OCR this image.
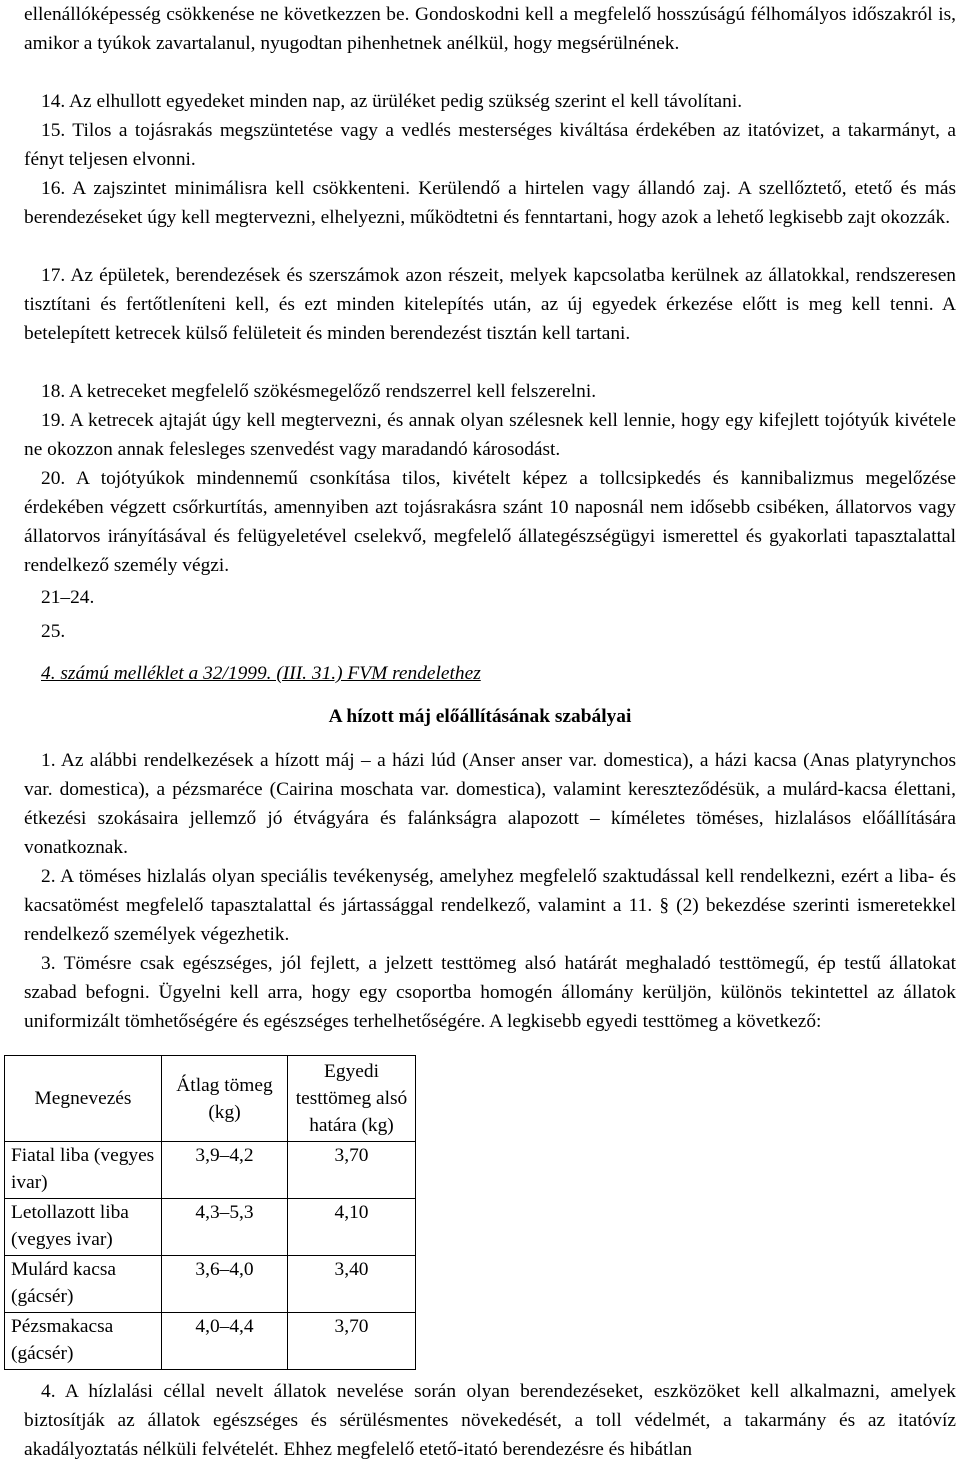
ellenállóképesség csökkenése ne következzen be. Gondoskodni kell a megfelelő hosszúságú félhomályos időszakról is, amikor a tyúkok zavartalanul, nyugodtan pihenhetnek anélkül, hogy megsérülnének.

14. Az elhullott egyedeket minden nap, az ürüléket pedig szükség szerint el kell távolítani.

15. Tilos a tojásrakás megszüntetése vagy a vedlés mesterséges kiváltása érdekében az itatóvizet, a takarmányt, a fényt teljesen elvonni.

16. A zajszintet minimálisra kell csökkenteni. Kerülendő a hirtelen vagy állandó zaj. A szellőztető, etető és más berendezéseket úgy kell megtervezni, elhelyezni, működtetni és fenntartani, hogy azok a lehető legkisebb zajt okozzák.

17. Az épületek, berendezések és szerszámok azon részeit, melyek kapcsolatba kerülnek az állatokkal, rendszeresen tisztítani és fertőtleníteni kell, és ezt minden kitelepítés után, az új egyedek érkezése előtt is meg kell tenni. A betelepített ketrecek külső felületeit és minden berendezést tisztán kell tartani.

18. A ketreceket megfelelő szökésmegelőző rendszerrel kell felszerelni.

19. A ketrecek ajtaját úgy kell megtervezni, és annak olyan szélesnek kell lennie, hogy egy kifejlett tojótyúk kivétele ne okozzon annak felesleges szenvedést vagy maradandó károsodást.

20. A tojótyúkok mindennemű csonkítása tilos, kivételt képez a tollcsipkedés és kannibalizmus megelőzése érdekében végzett csőrkurtítás, amennyiben azt tojásrakásra szánt 10 naposnál nem idősebb csibéken, állatorvos vagy állatorvos irányításával és felügyeletével cselekvő, megfelelő állategészségügyi ismerettel és gyakorlati tapasztalattal rendelkező személy végzi.

21–24.

25.

4. számú melléklet a 32/1999. (III. 31.) FVM rendelethez

A hízott máj előállításának szabályai

1. Az alábbi rendelkezések a hízott máj – a házi lúd (Anser anser var. domestica), a házi kacsa (Anas platyrynchos var. domestica), a pézsmaréce (Cairina moschata var. domestica), valamint kereszteződésük, a mulárd-kacsa élettani, étkezési szokásaira jellemző jó étvágyára és falánkságra alapozott – kíméletes töméses, hizlalásos előállítására vonatkoznak.

2. A töméses hizlalás olyan speciális tevékenység, amelyhez megfelelő szaktudással kell rendelkezni, ezért a liba- és kacsatömést megfelelő tapasztalattal és jártassággal rendelkező, valamint a 11. § (2) bekezdése szerinti ismeretekkel rendelkező személyek végezhetik.

3. Tömésre csak egészséges, jól fejlett, a jelzett testtömeg alsó határát meghaladó testtömegű, ép testű állatokat szabad befogni. Ügyelni kell arra, hogy egy csoportba homogén állomány kerüljön, különös tekintettel az állatok uniformizált tömhetőségére és egészséges terhelhetőségére. A legkisebb egyedi testtömeg a következő:

Megnevezés	Átlag tömeg (kg)	Egyedi testtömeg alsó határa (kg)
Fiatal liba (vegyes ivar)	3,9–4,2	3,70
Letollazott liba (vegyes ivar)	4,3–5,3	4,10
Mulárd kacsa (gácsér)	3,6–4,0	3,40
Pézsmakacsa (gácsér)	4,0–4,4	3,70

4. A hízlalási céllal nevelt állatok nevelése során olyan berendezéseket, eszközöket kell alkalmazni, amelyek biztosítják az állatok egészséges és sérülésmentes növekedését, a toll védelmét, a takarmány és az itatóvíz akadályoztatás nélküli felvételét. Ehhez megfelelő etető-itató berendezésre és hibátlan
